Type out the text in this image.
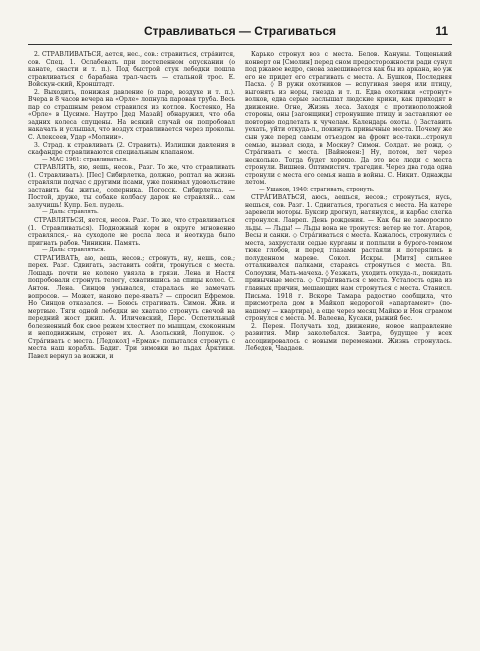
Стравливаться — Страгиваться	11

2. СТРАВЛИВАТЬСЯ, ается, нес., сов.: стравиться, стра́вится, сов. Спец. 1. Ослабевать при постепенном опускании (о канате, снасти и т. п.). Под быстрой стук лебедки пошла стравливаться с барабана трал-часть — стальной трос. Е. Войскун-ский, Кронштадт.

2. Выходить, понижая давление (о паре, воздухе и т. п.). Вчера в 8 часов вечера на «Орле» лопнула паровая труба. Весь пар со страшным ревом стравился из котлов. Костенко, На «Орле» в Цусиме. Наутро [дед Мазай] обнаружил, что оба задних колеса спущены. На всякий случай он попробовал накачать и услышал, что воздух стравливается через проколы. С. Алексеев, Удар «Молнии».

3. Страд. к стравливать (2. Стравить). Излишки давления в скафандре стравливаются специальным клапаном.

— МАС 1961: стравливаться.

СТРАВЛЯТЬ, яю, яешь, несов., Разг. То же, что стравливать (1. Стравливать). [Пес] Сибирлетка, должно, роптал на жизнь стравляли подчас с другими псами, уже понимал удовольствие заставить бы житье, соперника. Погосск. Сибирлетка. — Постой, друже, ты собаке колбасу дарок не стравляй... сам залучишь! Купр. Бел. пудель.

— Даль: стравлять.

СТРАВЛЯТЬСЯ, яется, несов. Разг. То же, что стравливаться (1. Стравливаться). Подножный корм в округе мгновенно стравлялся,- на суходоле не росла леса и неоткуда было пригнать рабов. Чиникин. Память.

— Даль: стравляться.

СТРАГИВАТЬ, аю, аешь, несов.; стронуть, ну, нешь, сов.; перех. Разг. Сдвигать, заставить сойти, тронуться с места. Лошадь почти не колено увязла в грязи. Лена и Настя попробовали стронуть телегу, схватившись за спицы колес. С. Антон. Лена. Синцов умывался, старалась не замечать вопросов. — Может, наново пере-явать? — спросил Ефремов. Но Синцов отказался. — Боюсь страгивать. Симон. Жив. и мертвые. Тяги одной лебедки не хватало стронуть свечой на передний жост джип. А. Иличевский, Перс. Оспетильный болезненный бок свое режем хлестнет по мышцам, схоконным и неподвижным, стронет их. А. Азольский, Лопушок. ◇ Стра́гивать с места. [Ледокол] «Ермак» попытался стронуть с места наш корабль. Бадиг. Три зимовки во льдах Арктики. Павел вернул за вожжи, и

Карько стронул воз с места. Белов. Кануны. Тощенький конверт он [Смолин] перед сном предосторожности ради сунул под ржавое ведро, снова завешивается как бы из аркана, но уж его не придет его страгивать с места. А. Бушков, Последняя Пасха. ◊ В ружи охотников — вспугивая зверя или птицу, выгонять из норы, гнезда и т. п. Едва охотники «стронут» волков, едва серые заслышат людские крики, как приходят в движение. Огне, Жизнь леса. Заходя с противоположной стороны, оны [загонщики] стронувшие птицу и заставляют ее повторно подлетать к чучелам. Календарь охоты. ◊ Заставить уехать, уйти откуда-л., покинуть привычные места. Почему же сын уже перед самым отъездом на фронт все-таки...стронул семью, вызвал сюда, в Москву? Симон. Солдат. не рожд. ◇ Стра́гивать с места. [Вайнонен:] Ну, потом, лет через несколько. Тогда будет хорошо. Да это все люди с места стронули. Вишнев. Оптимистич. трагедия. Через два года одна стронули с места его семья наша в войны. С. Никит. Однажды летом.

— Ушаков, 1940: страгивать, стронуть.

СТРА́ГИВАТЬСЯ, аюсь, аешься, несов.; стронуться, нусь, нешься, сов. Разг. 1. Сдвигаться, трогаться с места. На катере заревели моторы. Буксир дрогнул, натянулся,, и карбас слегка стронулся. Лавреп. День рождения. — Как бы не заморосило льды. — Льды! — Льды вона не тронутся: ветер не тот. Атаров, Весы и санки. ◇ Стра́гиваться с места. Кажалось, стронулись с места, захрустали седые курганы и поплыли в бурого-темном тюке глобов, и перед глазами растаяли и потерялись в полуденном мареве. Сокол. Искры. [Митя] сильнее отталкивался палками, стараясь стронуться с места. Вл. Солоухин, Мать-мачеха. ◊ Уезжать, уходить откуда-л., покидать привычные места. ◇ Стра́гиваться с места. Усталость одна из главных причин, мешающих нам стронуться с места. Станисл. Письма. 1918 г. Вскоре Тамара радостно сообщила, что присмотрела дом в Майкоп недорогой «апартамент» (по-нашему — квартира), а еще через месяц Майкю и Нон сграмом стронулся с места. М. Валеева, Кусаки, рыжий бес.

2. Перен. Получать ход, движение, новое направление развития. Мир заколебался. Завтра, будущее у всех ассоциировалось с новыми переменами. Жизнь стронулась. Лебедев, Чаадаев.
